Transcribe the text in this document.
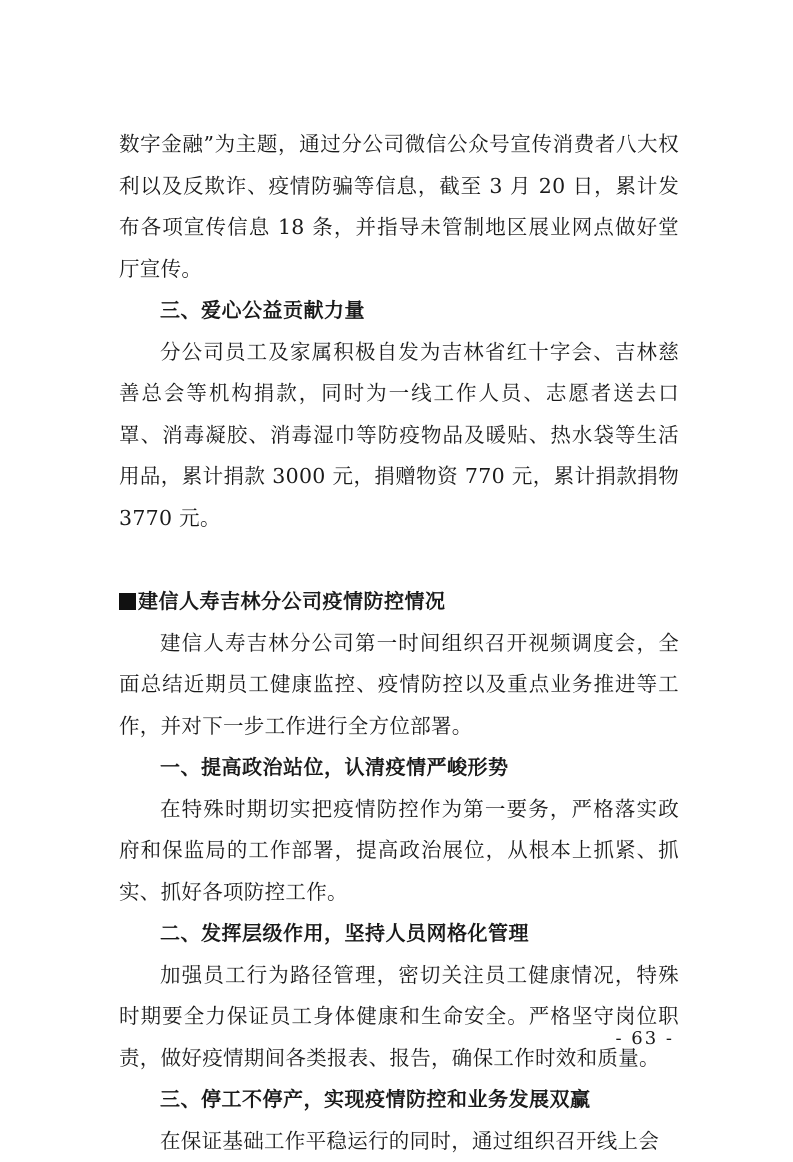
数字金融”为主题，通过分公司微信公众号宣传消费者八大权利以及反欺诈、疫情防骗等信息，截至 3 月 20 日，累计发布各项宣传信息 18 条，并指导未管制地区展业网点做好堂厅宣传。

三、爱心公益贡献力量

分公司员工及家属积极自发为吉林省红十字会、吉林慈善总会等机构捐款，同时为一线工作人员、志愿者送去口罩、消毒凝胶、消毒湿巾等防疫物品及暖贴、热水袋等生活用品，累计捐款 3000 元，捐赠物资 770 元，累计捐款捐物 3770 元。

建信人寿吉林分公司疫情防控情况

建信人寿吉林分公司第一时间组织召开视频调度会，全面总结近期员工健康监控、疫情防控以及重点业务推进等工作，并对下一步工作进行全方位部署。

一、提高政治站位，认清疫情严峻形势

在特殊时期切实把疫情防控作为第一要务，严格落实政府和保监局的工作部署，提高政治展位，从根本上抓紧、抓实、抓好各项防控工作。

二、发挥层级作用，坚持人员网格化管理

加强员工行为路径管理，密切关注员工健康情况，特殊时期要全力保证员工身体健康和生命安全。严格坚守岗位职责，做好疫情期间各类报表、报告，确保工作时效和质量。

三、停工不停产，实现疫情防控和业务发展双赢

在保证基础工作平稳运行的同时，通过组织召开线上会

- 63 -
